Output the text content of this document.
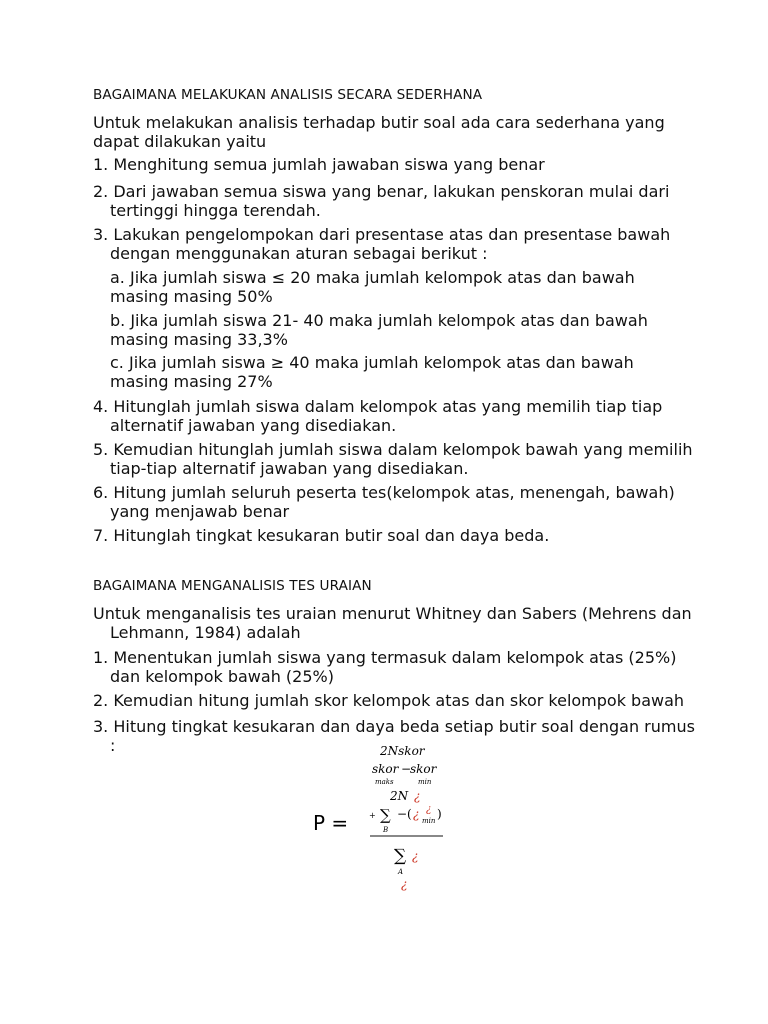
BAGAIMANA MELAKUKAN ANALISIS SECARA SEDERHANA
Untuk melakukan analisis terhadap butir soal ada cara sederhana yang dapat dilakukan yaitu
1. Menghitung semua jumlah jawaban siswa yang benar
2. Dari jawaban semua siswa yang benar, lakukan penskoran mulai dari tertinggi hingga terendah.
3. Lakukan pengelompokan dari presentase atas dan presentase bawah dengan menggunakan aturan sebagai berikut :
a. Jika jumlah siswa ≤ 20 maka jumlah kelompok atas dan bawah masing masing 50%
b. Jika jumlah siswa 21- 40 maka jumlah kelompok atas dan bawah masing masing 33,3%
c. Jika jumlah siswa ≥ 40 maka jumlah kelompok atas dan bawah masing masing 27%
4. Hitunglah jumlah siswa dalam kelompok atas yang memilih tiap tiap alternatif jawaban yang disediakan.
5. Kemudian hitunglah jumlah siswa dalam kelompok bawah yang memilih tiap-tiap alternatif jawaban yang disediakan.
6. Hitung jumlah seluruh peserta tes(kelompok atas, menengah, bawah) yang menjawab benar
7. Hitunglah tingkat kesukaran butir soal dan daya beda.
BAGAIMANA MENGANALISIS TES URAIAN
Untuk menganalisis tes uraian menurut Whitney dan Sabers (Mehrens dan Lehmann, 1984) adalah
1. Menentukan jumlah siswa yang termasuk dalam kelompok atas (25%) dan kelompok bawah (25%)
2. Kemudian hitung jumlah skor kelompok atas dan skor kelompok bawah
3. Hitung tingkat kesukaran dan daya beda setiap butir soal dengan rumus :
P =
2Nskor
skor −
skor
maks	min
2N ¿
+ ∑
B
−( ¿ ¿
min )
∑ ¿
A
¿
